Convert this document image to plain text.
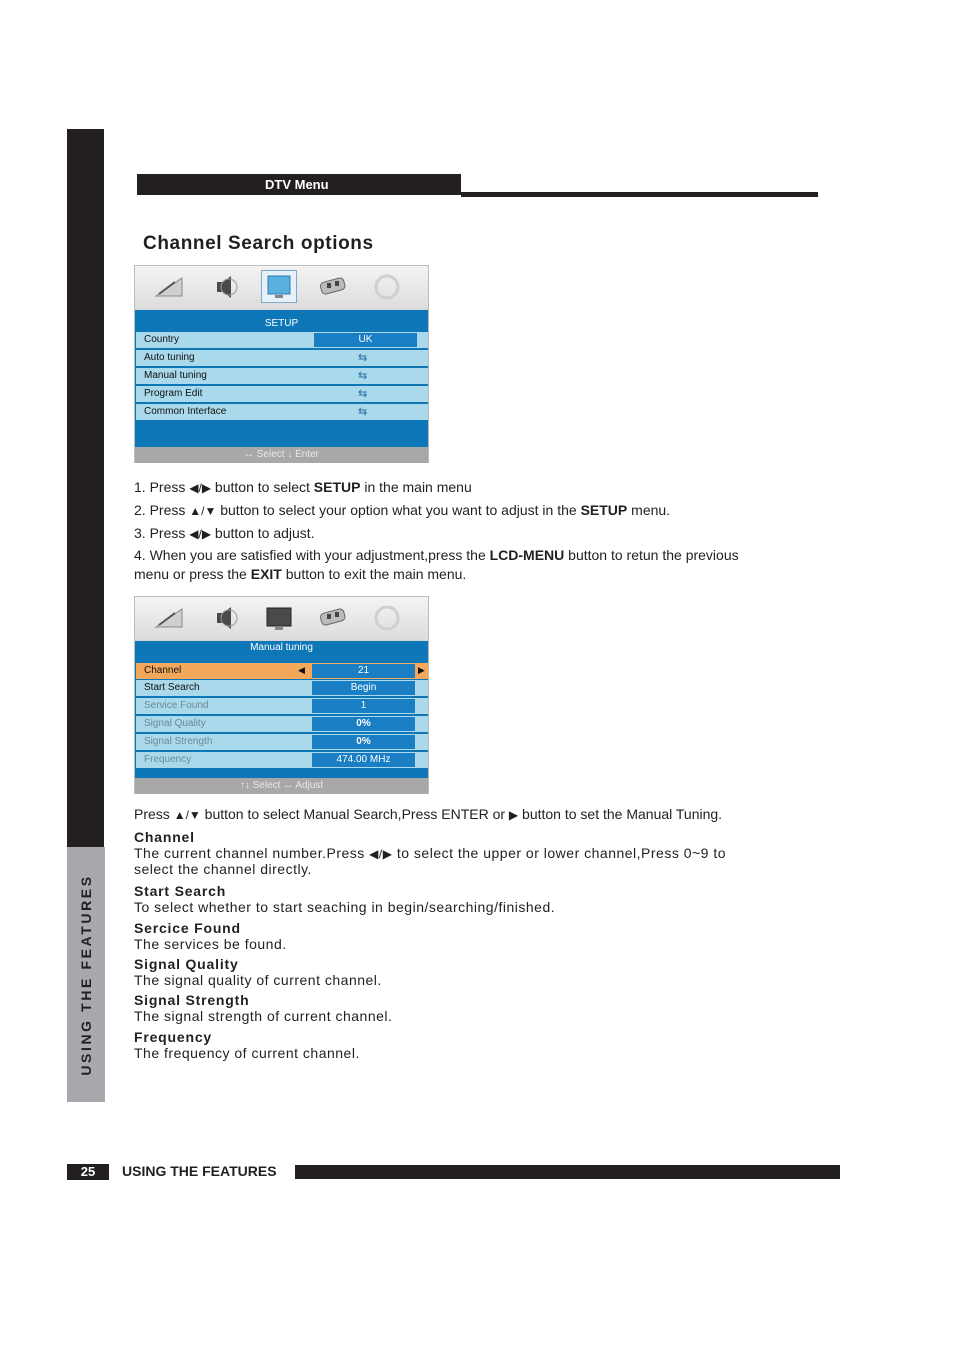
USING THE FEATURES
DTV Menu
Channel Search options
SETUP
Country	UK
Auto tuning	⇆
Manual tuning	⇆
Program Edit	⇆
Common Interface	⇆
↔ Select ↓ Enter
1. Press ◀/▶ button to select SETUP in the main menu
2. Press ▲/▼ button to select your option what you want to adjust in the SETUP menu.
3. Press ◀/▶ button to adjust.
4. When you are satisfied with your adjustment,press the LCD-MENU button to retun the previous
menu or press the EXIT button to exit the main menu.
Manual tuning
Channel	◀	21	▶
Start Search	Begin
Service Found	1
Signal Quality	0%
Signal Strength	0%
Frequency	474.00 MHz
↑↓ Select ↔ Adjust
Press ▲/▼ button to select Manual Search,Press ENTER or ▶ button to set the Manual Tuning.
Channel
The current channel number.Press ◀/▶ to select the upper or lower channel,Press 0~9 to
select the channel directly.
Start Search
To select whether to start seaching in begin/searching/finished.
Sercice Found
The services be found.
Signal Quality
The signal quality of current channel.
Signal Strength
The signal strength of current channel.
Frequency
The frequency of current channel.
25	USING THE FEATURES
